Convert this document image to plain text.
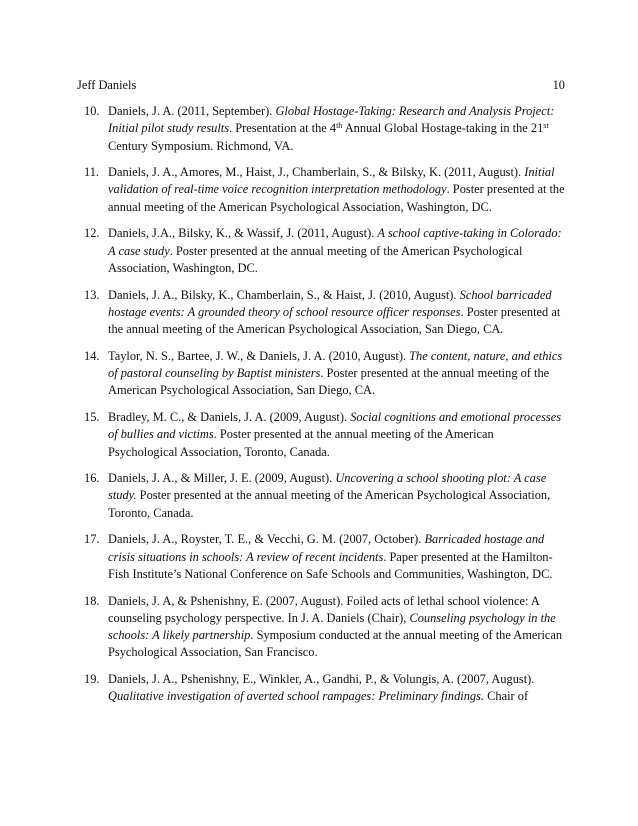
Jeff Daniels	10
10. Daniels, J. A. (2011, September). Global Hostage-Taking: Research and Analysis Project: Initial pilot study results. Presentation at the 4th Annual Global Hostage-taking in the 21st Century Symposium. Richmond, VA.
11. Daniels, J. A., Amores, M., Haist, J., Chamberlain, S., & Bilsky, K. (2011, August). Initial validation of real-time voice recognition interpretation methodology. Poster presented at the annual meeting of the American Psychological Association, Washington, DC.
12. Daniels, J.A., Bilsky, K., & Wassif, J. (2011, August). A school captive-taking in Colorado: A case study. Poster presented at the annual meeting of the American Psychological Association, Washington, DC.
13. Daniels, J. A., Bilsky, K., Chamberlain, S., & Haist, J. (2010, August). School barricaded hostage events: A grounded theory of school resource officer responses. Poster presented at the annual meeting of the American Psychological Association, San Diego, CA.
14. Taylor, N. S., Bartee, J. W., & Daniels, J. A. (2010, August). The content, nature, and ethics of pastoral counseling by Baptist ministers. Poster presented at the annual meeting of the American Psychological Association, San Diego, CA.
15. Bradley, M. C., & Daniels, J. A. (2009, August). Social cognitions and emotional processes of bullies and victims. Poster presented at the annual meeting of the American Psychological Association, Toronto, Canada.
16. Daniels, J. A., & Miller, J. E. (2009, August). Uncovering a school shooting plot: A case study. Poster presented at the annual meeting of the American Psychological Association, Toronto, Canada.
17. Daniels, J. A., Royster, T. E., & Vecchi, G. M. (2007, October). Barricaded hostage and crisis situations in schools: A review of recent incidents. Paper presented at the Hamilton-Fish Institute’s National Conference on Safe Schools and Communities, Washington, DC.
18. Daniels, J. A, & Pshenishny, E. (2007, August). Foiled acts of lethal school violence: A counseling psychology perspective. In J. A. Daniels (Chair), Counseling psychology in the schools: A likely partnership. Symposium conducted at the annual meeting of the American Psychological Association, San Francisco.
19. Daniels, J. A., Pshenishny, E., Winkler, A., Gandhi, P., & Volungis, A. (2007, August). Qualitative investigation of averted school rampages: Preliminary findings. Chair of
